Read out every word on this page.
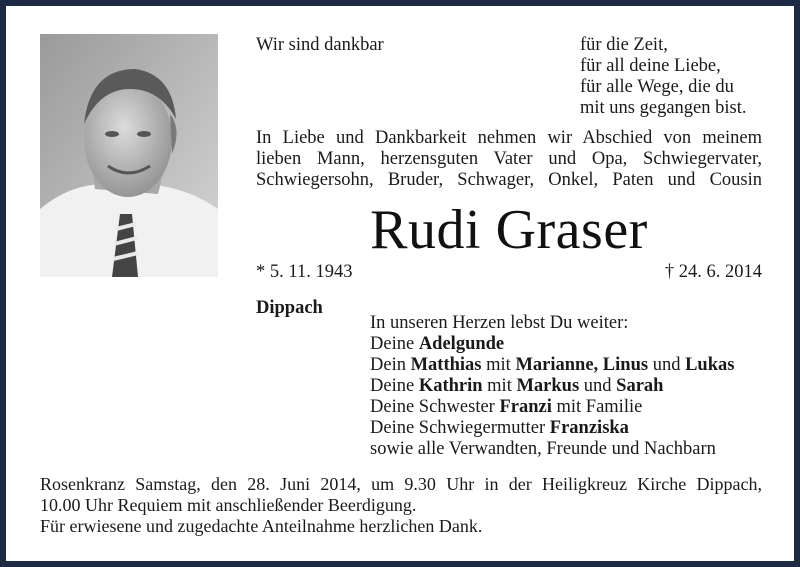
Wir sind dankbar	für die Zeit,
für all deine Liebe,
für alle Wege, die du
mit uns gegangen bist.
In Liebe und Dankbarkeit nehmen wir Abschied von meinem
lieben Mann, herzensguten Vater und Opa, Schwiegervater,
Schwiegersohn, Bruder, Schwager, Onkel, Paten und Cousin
Rudi Graser
* 5. 11. 1943	† 24. 6. 2014
Dippach
In unseren Herzen lebst Du weiter:
Deine Adelgunde
Dein Matthias mit Marianne, Linus und Lukas
Deine Kathrin mit Markus und Sarah
Deine Schwester Franzi mit Familie
Deine Schwiegermutter Franziska
sowie alle Verwandten, Freunde und Nachbarn
Rosenkranz Samstag, den 28. Juni 2014, um 9.30 Uhr in der Heiligkreuz Kirche Dippach,
10.00 Uhr Requiem mit anschließender Beerdigung.
Für erwiesene und zugedachte Anteilnahme herzlichen Dank.
